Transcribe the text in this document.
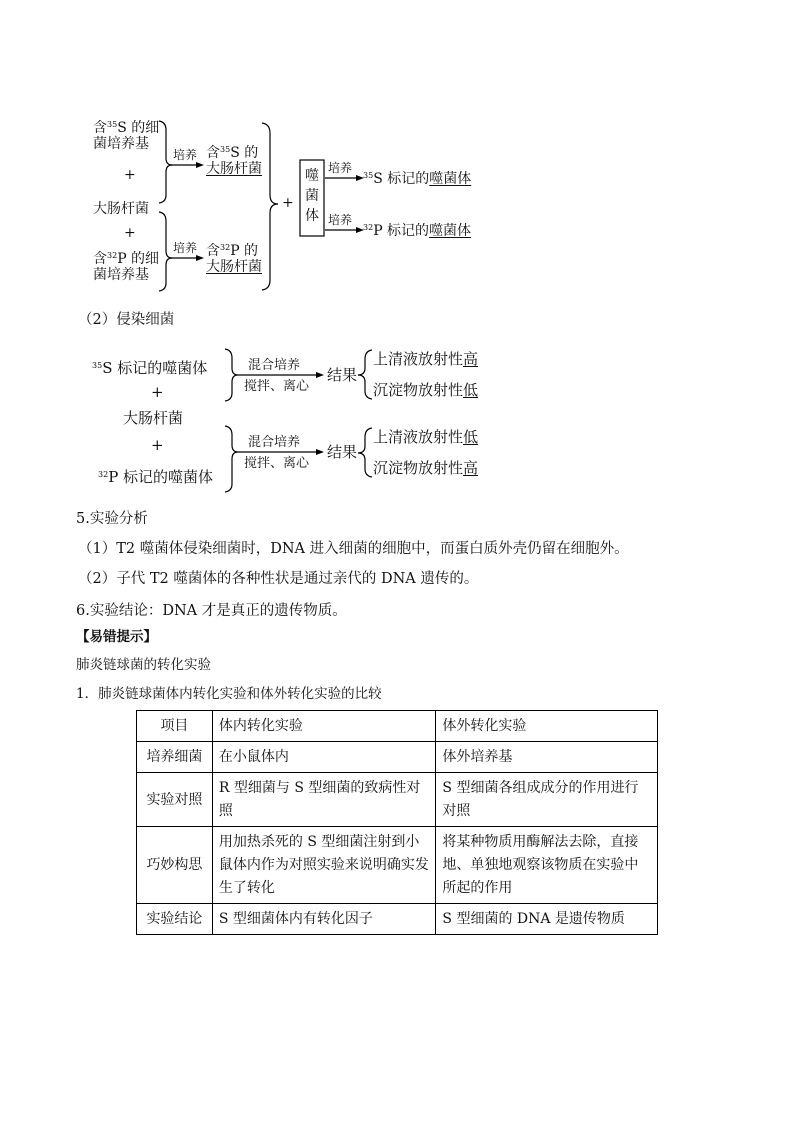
含$^{35}$S 的细
菌培养基
+
大肠杆菌
+
含$^{32}$P 的细
菌培养基
培养
培养
含$^{35}$S 的
大肠杆菌
含$^{32}$P 的
大肠杆菌
+
噬
菌
体
培养
培养
$^{35}$S 标记的噬菌体
$^{32}$P 标记的噬菌体
（2）侵染细菌
$^{35}$S 标记的噬菌体
+
大肠杆菌
+
$^{32}$P 标记的噬菌体
混合培养
搅拌、离心
混合培养
搅拌、离心
结果
结果
上清液放射性高
沉淀物放射性低
上清液放射性低
沉淀物放射性高
5.实验分析
（1）T2 噬菌体侵染细菌时，DNA 进入细菌的细胞中，而蛋白质外壳仍留在细胞外。
（2）子代 T2 噬菌体的各种性状是通过亲代的 DNA 遗传的。
6.实验结论：DNA 才是真正的遗传物质。
【易错提示】
肺炎链球菌的转化实验
1．肺炎链球菌体内转化实验和体外转化实验的比较
项目	体内转化实验	体外转化实验
培养细菌	在小鼠体内	体外培养基
实验对照	R 型细菌与 S 型细菌的致病性对照	S 型细菌各组成成分的作用进行对照
巧妙构思	用加热杀死的 S 型细菌注射到小鼠体内作为对照实验来说明确实发生了转化	将某种物质用酶解法去除，直接地、单独地观察该物质在实验中所起的作用
实验结论	S 型细菌体内有转化因子	S 型细菌的 DNA 是遗传物质
